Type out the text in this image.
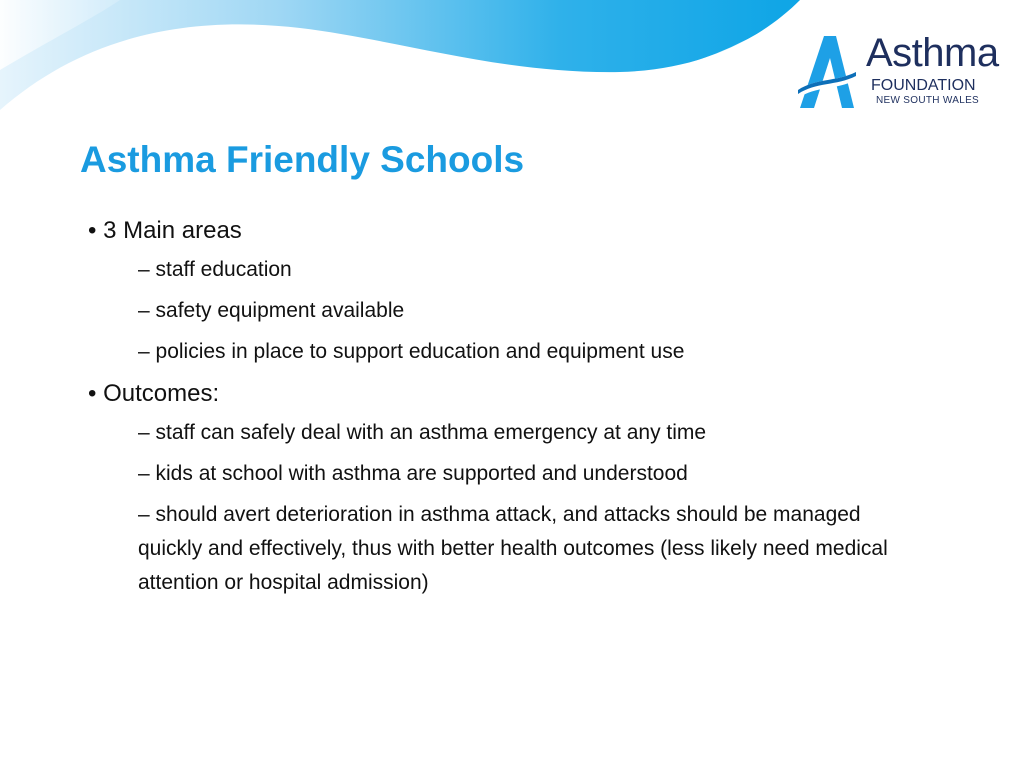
Asthma
FOUNDATION
NEW SOUTH WALES
Asthma Friendly Schools

• 3 Main areas

– staff education

– safety equipment available

– policies in place to support education and equipment use

• Outcomes:

– staff can safely deal with an asthma emergency at any time

– kids at school with asthma are supported and understood

– should avert deterioration in asthma attack, and attacks should be managed quickly and effectively, thus with better health outcomes (less likely need medical attention or hospital admission)
